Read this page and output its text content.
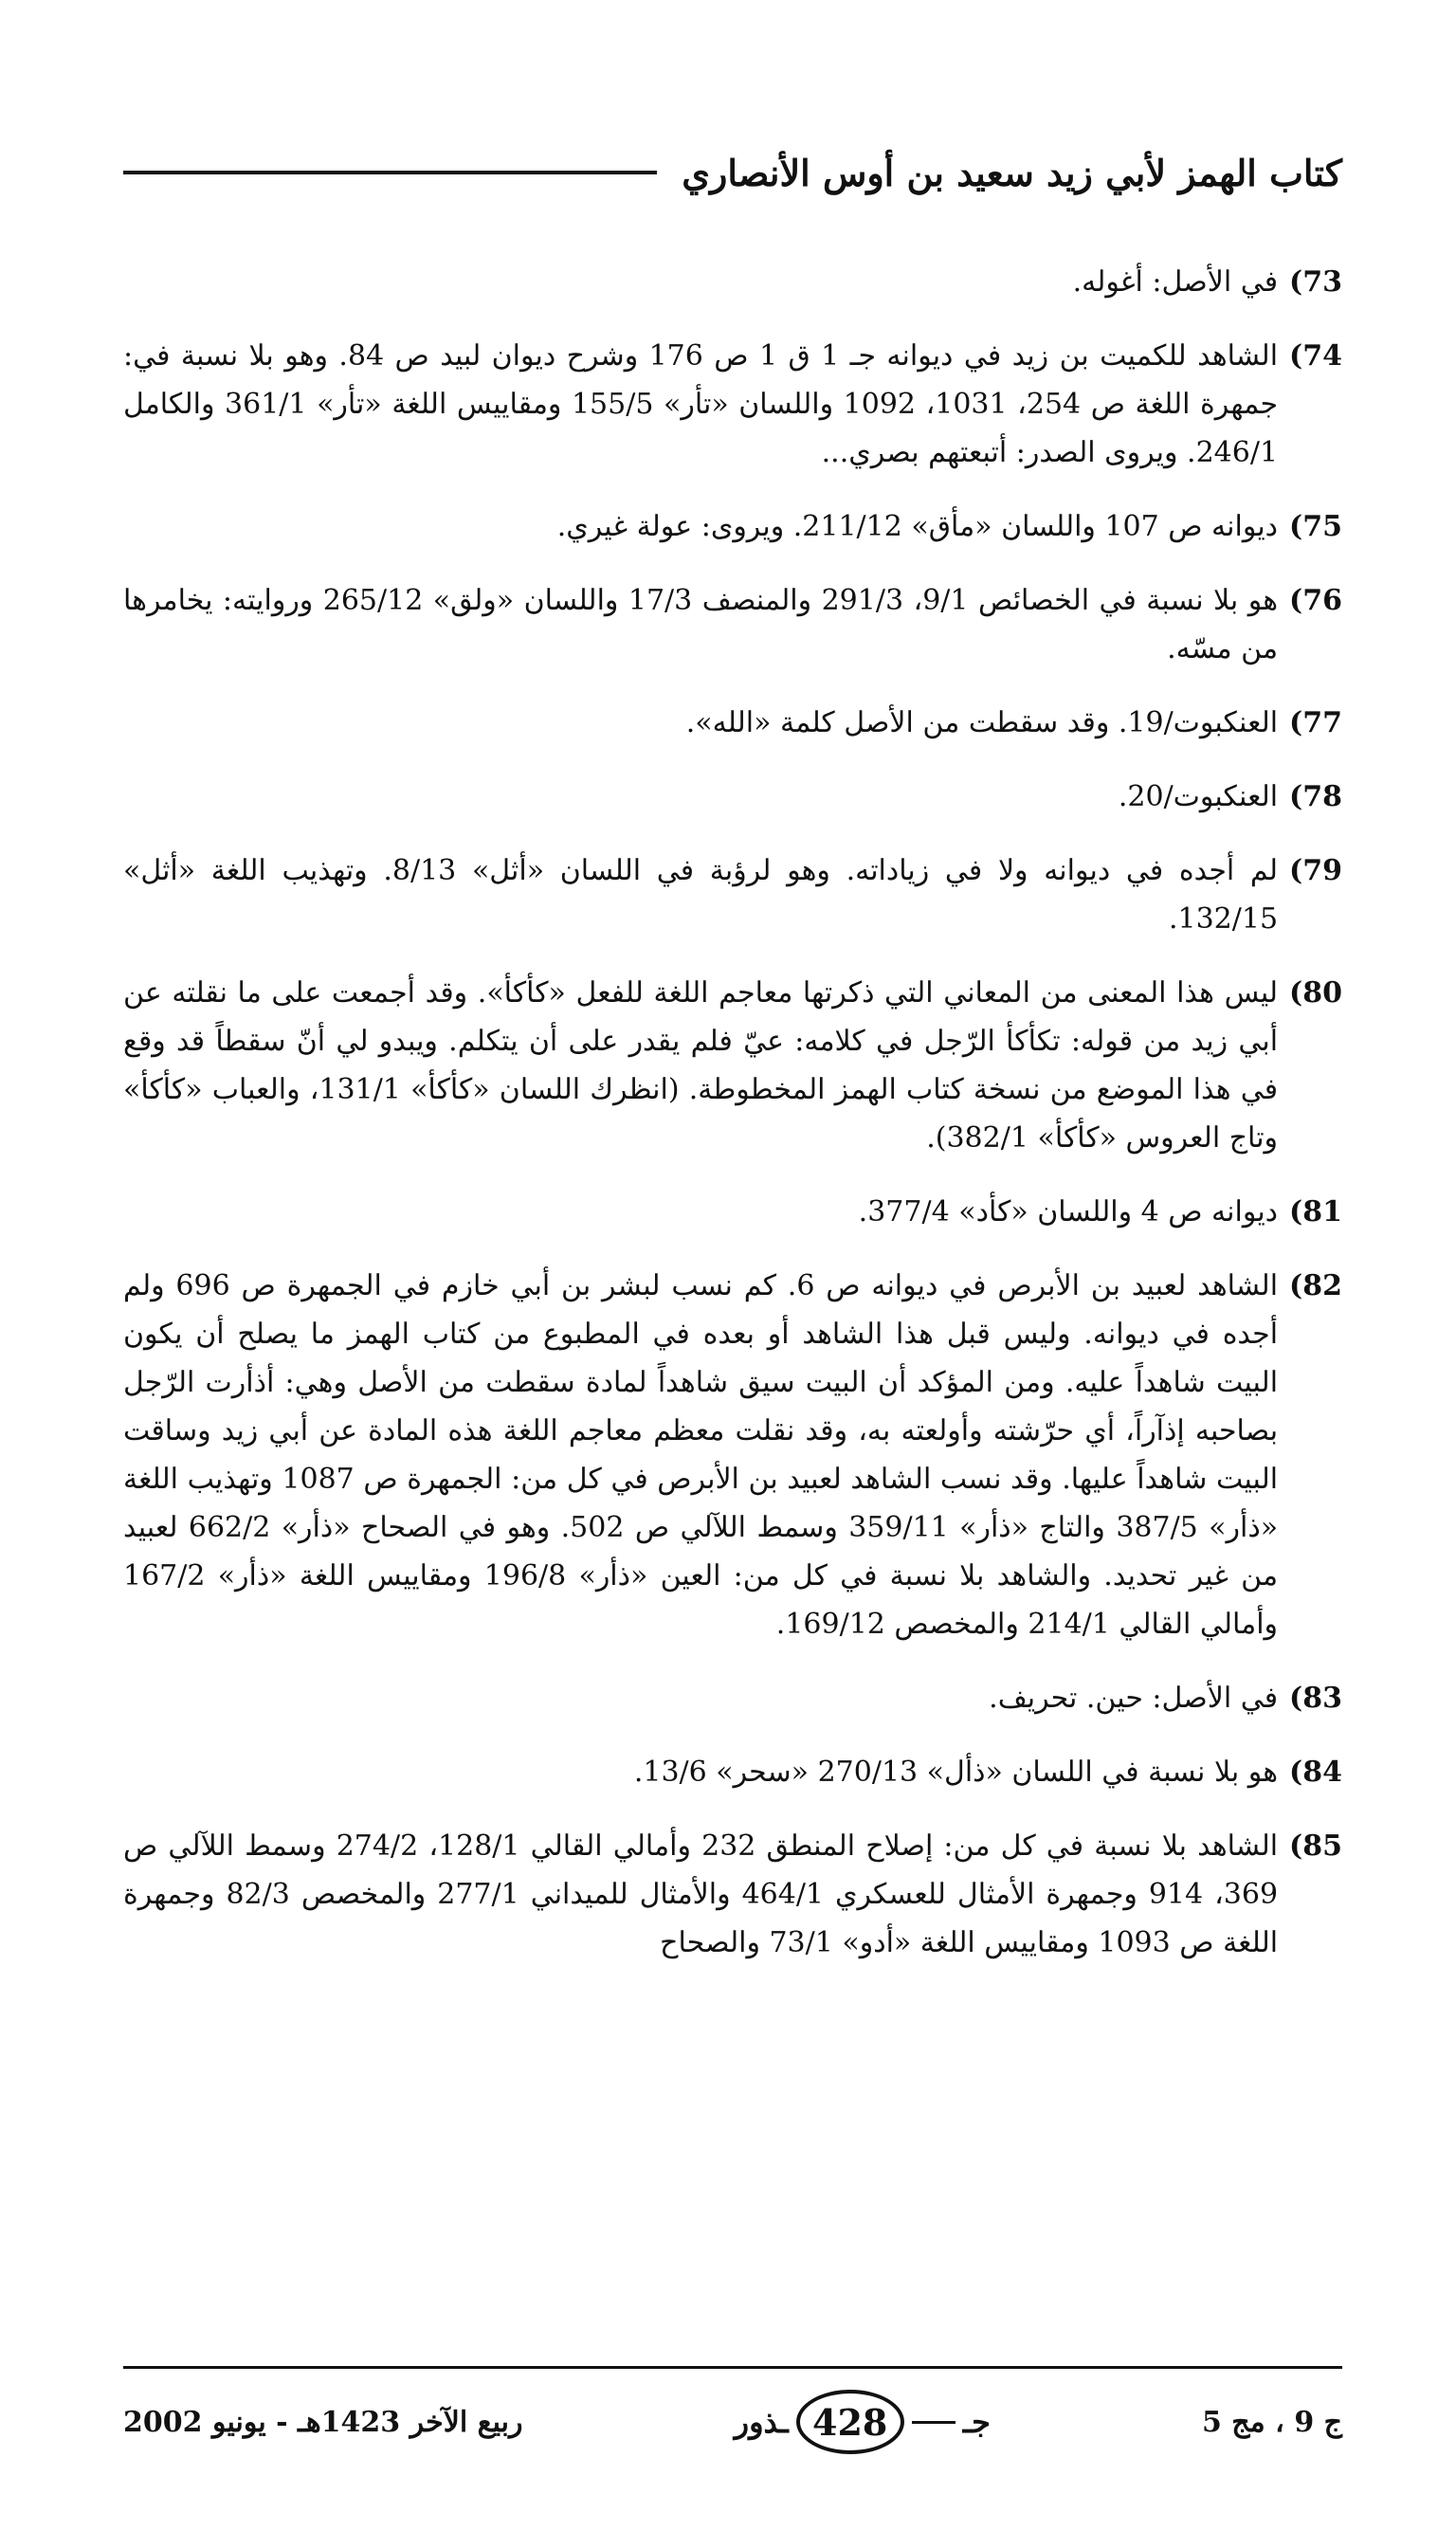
كتاب الهمز لأبي زيد سعيد بن أوس الأنصاري
73)
في الأصل: أغوله.
74)
الشاهد للكميت بن زيد في ديوانه جـ 1 ق 1 ص 176 وشرح ديوان لبيد ص 84. وهو بلا نسبة في: جمهرة اللغة ص 254، 1031، 1092 واللسان «تأر» 155/5 ومقاييس اللغة «تأر» 361/1 والكامل 246/1. ويروى الصدر: أتبعتهم بصري...
75)
ديوانه ص 107 واللسان «مأق» 211/12. ويروى: عولة غيري.
76)
هو بلا نسبة في الخصائص 9/1، 291/3 والمنصف 17/3 واللسان «ولق» 265/12 وروايته: يخامرها من مسّه.
77)
العنكبوت/19. وقد سقطت من الأصل كلمة «الله».
78)
العنكبوت/20.
79)
لم أجده في ديوانه ولا في زياداته. وهو لرؤبة في اللسان «أثل» 8/13. وتهذيب اللغة «أثل» 132/15.
80)
ليس هذا المعنى من المعاني التي ذكرتها معاجم اللغة للفعل «كأكأ». وقد أجمعت على ما نقلته عن أبي زيد من قوله: تكأكأ الرّجل في كلامه: عيّ فلم يقدر على أن يتكلم. ويبدو لي أنّ سقطاً قد وقع في هذا الموضع من نسخة كتاب الهمز المخطوطة. (انظرك اللسان «كأكأ» 131/1، والعباب «كأكأ» وتاج العروس «كأكأ» 382/1).
81)
ديوانه ص 4 واللسان «كأد» 377/4.
82)
الشاهد لعبيد بن الأبرص في ديوانه ص 6. كم نسب لبشر بن أبي خازم في الجمهرة ص 696 ولم أجده في ديوانه. وليس قبل هذا الشاهد أو بعده في المطبوع من كتاب الهمز ما يصلح أن يكون البيت شاهداً عليه. ومن المؤكد أن البيت سيق شاهداً لمادة سقطت من الأصل وهي: أذأرت الرّجل بصاحبه إذآراً، أي حرّشته وأولعته به، وقد نقلت معظم معاجم اللغة هذه المادة عن أبي زيد وساقت البيت شاهداً عليها. وقد نسب الشاهد لعبيد بن الأبرص في كل من: الجمهرة ص 1087 وتهذيب اللغة «ذأر» 387/5 والتاج «ذأر» 359/11 وسمط اللآلي ص 502. وهو في الصحاح «ذأر» 662/2 لعبيد من غير تحديد. والشاهد بلا نسبة في كل من: العين «ذأر» 196/8 ومقاييس اللغة «ذأر» 167/2 وأمالي القالي 214/1 والمخصص 169/12.
83)
في الأصل: حين. تحريف.
84)
هو بلا نسبة في اللسان «ذأل» 270/13 «سحر» 13/6.
85)
الشاهد بلا نسبة في كل من: إصلاح المنطق 232 وأمالي القالي 128/1، 274/2 وسمط اللآلي ص 369، 914 وجمهرة الأمثال للعسكري 464/1 والأمثال للميداني 277/1 والمخصص 82/3 وجمهرة اللغة ص 1093 ومقاييس اللغة «أدو» 73/1 والصحاح
ج 9 ، مج 5
جـ
428
ـذور
ربيع الآخر 1423هـ - يونيو 2002
